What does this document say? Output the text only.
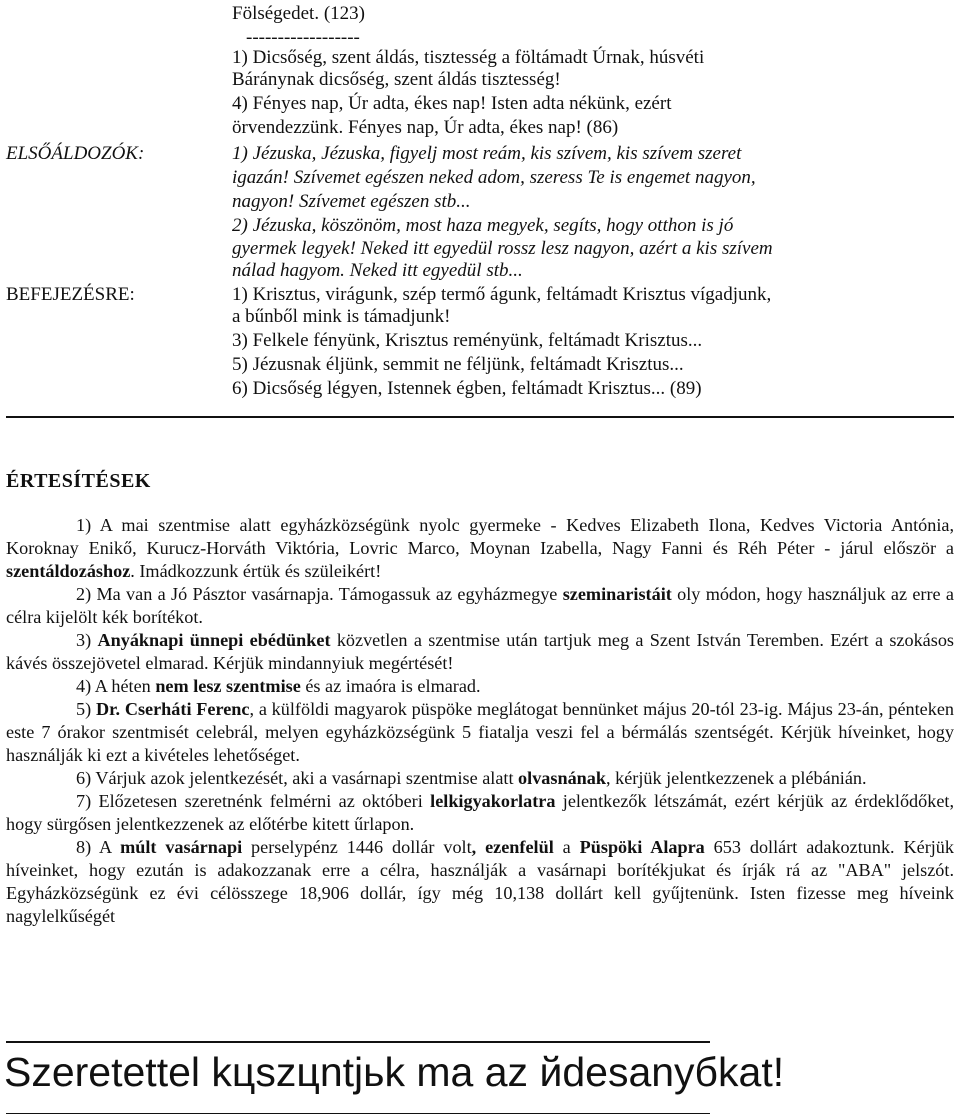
Fölségedet. (123)
------------------
1) Dicsőség, szent áldás, tisztesség a föltámadt Úrnak, húsvéti
Báránynak dicsőség, szent áldás tisztesség!
4) Fényes nap, Úr adta, ékes nap! Isten adta nékünk, ezért
örvendezzünk. Fényes nap, Úr adta, ékes nap! (86)
ELSŐÁLDOZÓK:	1) Jézuska, Jézuska, figyelj most reám, kis szívem, kis szívem szeret
igazán! Szívemet egészen neked adom, szeress Te is engemet nagyon,
nagyon! Szívemet egészen stb...
2) Jézuska, köszönöm, most haza megyek, segíts, hogy otthon is jó
gyermek legyek! Neked itt egyedül rossz lesz nagyon, azért a kis szívem
nálad hagyom. Neked itt egyedül stb...
BEFEJEZÉSRE:	1) Krisztus, virágunk, szép termő águnk, feltámadt Krisztus vígadjunk,
a bűnből mink is támadjunk!
3) Felkele fényünk, Krisztus reményünk, feltámadt Krisztus...
5) Jézusnak éljünk, semmit ne féljünk, feltámadt Krisztus...
6) Dicsőség légyen, Istennek égben, feltámadt Krisztus... (89)
ÉRTESÍTÉSEK

1) A mai szentmise alatt egyházközségünk nyolc gyermeke - Kedves Elizabeth Ilona, Kedves Victoria Antónia, Koroknay Enikő, Kurucz-Horváth Viktória, Lovric Marco, Moynan Izabella, Nagy Fanni és Réh Péter - járul először a szentáldozáshoz. Imádkozzunk értük és szüleikért!

2) Ma van a Jó Pásztor vasárnapja. Támogassuk az egyházmegye szeminaristáit oly módon, hogy használjuk az erre a célra kijelölt kék borítékot.

3) Anyáknapi ünnepi ebédünket közvetlen a szentmise után tartjuk meg a Szent István Teremben. Ezért a szokásos kávés összejövetel elmarad. Kérjük mindannyiuk megértését!

4) A héten nem lesz szentmise és az imaóra is elmarad.

5) Dr. Cserháti Ferenc, a külföldi magyarok püspöke meglátogat bennünket május 20-tól 23-ig. Május 23-án, pénteken este 7 órakor szentmisét celebrál, melyen egyházközségünk 5 fiatalja veszi fel a bérmálás szentségét. Kérjük híveinket, hogy használják ki ezt a kivételes lehetőséget.

6) Várjuk azok jelentkezését, aki a vasárnapi szentmise alatt olvasnának, kérjük jelentkezzenek a plébánián.

7) Előzetesen szeretnénk felmérni az októberi lelkigyakorlatra jelentkezők létszámát, ezért kérjük az érdeklődőket, hogy sürgősen jelentkezzenek az előtérbe kitett űrlapon.

8) A múlt vasárnapi perselypénz 1446 dollár volt, ezenfelül a Püspöki Alapra 653 dollárt adakoztunk. Kérjük híveinket, hogy ezután is adakozzanak erre a célra, használják a vasárnapi borítékjukat és írják rá az "ABA" jelszót. Egyházközségünk ez évi célösszege 18,906 dollár, így még 10,138 dollárt kell gyűjtenünk. Isten fizesse meg híveink nagylelkűségét

Szeretettel kцszцntjьk ma az йdesanyбkat!
